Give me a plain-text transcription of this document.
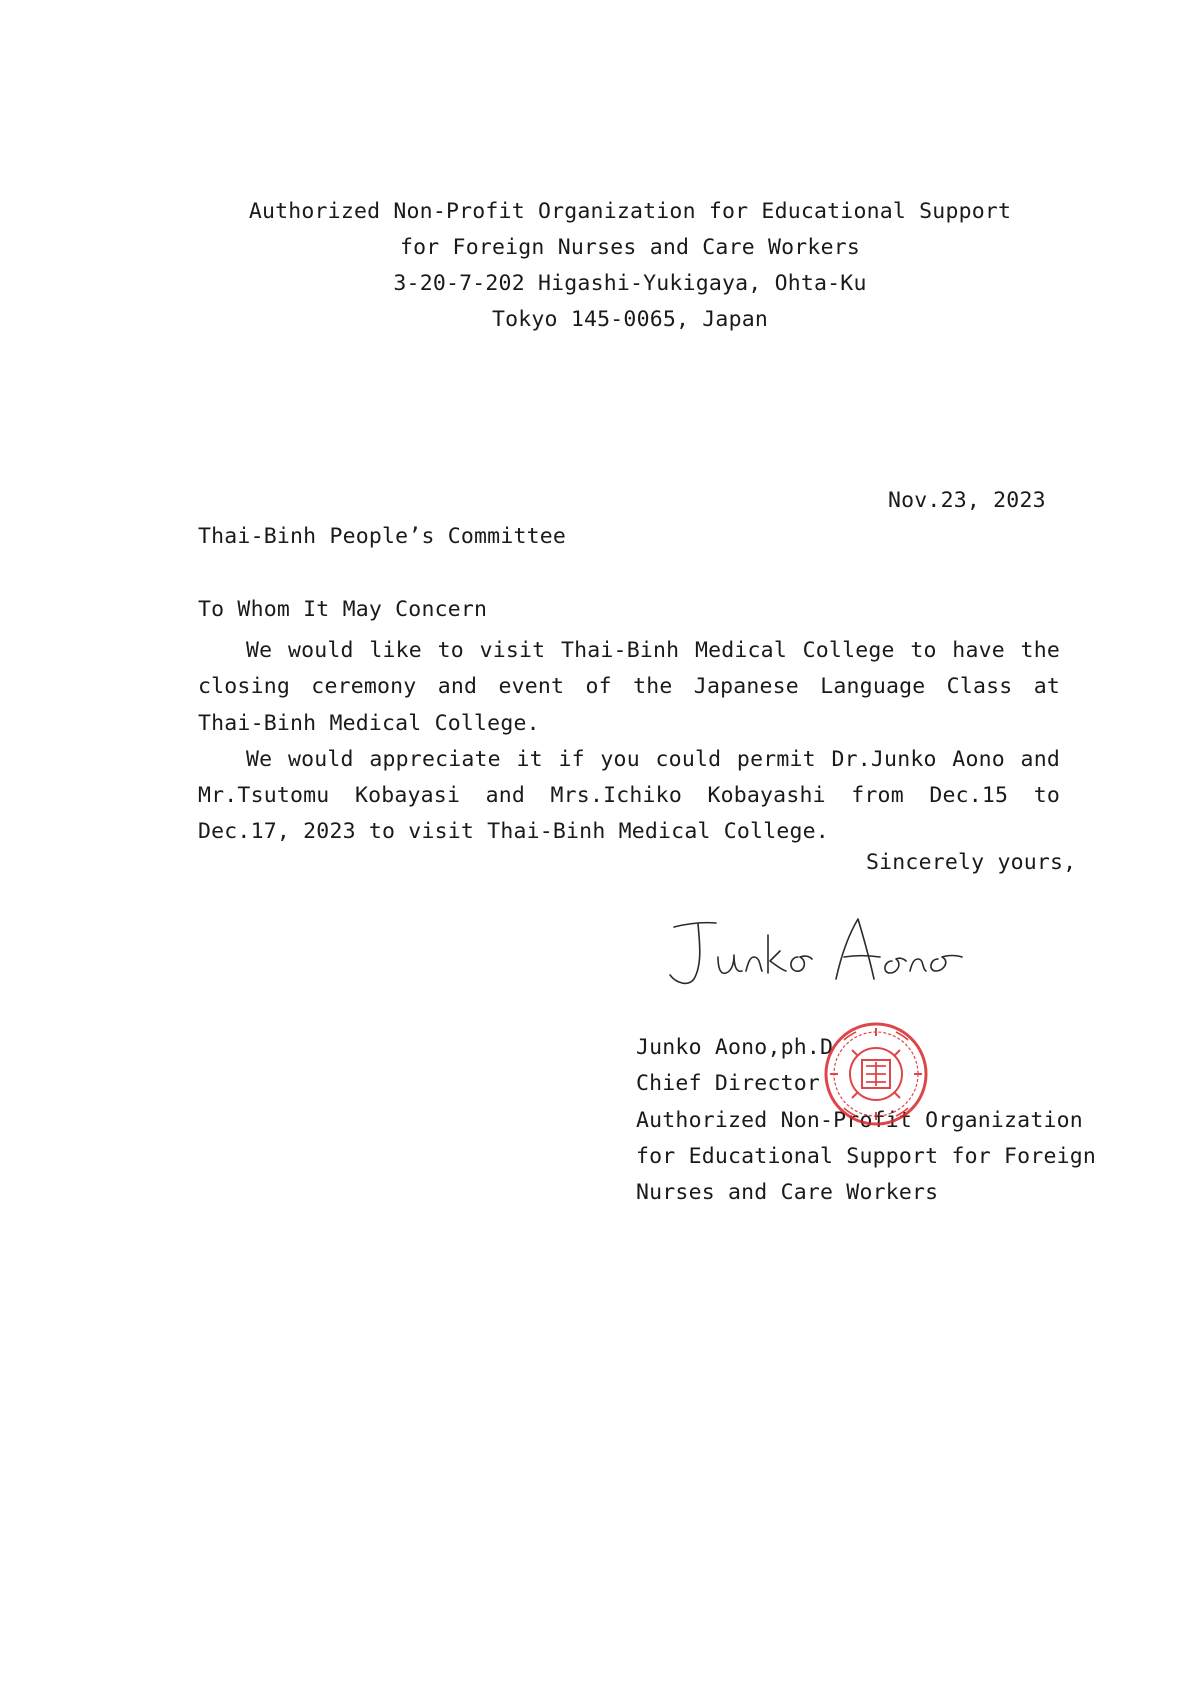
Authorized Non-Profit Organization for Educational Support
for Foreign Nurses and Care Workers
3-20-7-202 Higashi-Yukigaya, Ohta-Ku
Tokyo 145-0065, Japan
Nov.23, 2023
Thai-Binh People’s Committee
To Whom It May Concern

We would like to visit Thai-Binh Medical College to have the closing ceremony and event of the Japanese Language Class at Thai-Binh Medical College.

We would appreciate it if you could permit Dr.Junko Aono and Mr.Tsutomu Kobayasi and Mrs.Ichiko Kobayashi from Dec.15 to Dec.17, 2023 to visit Thai-Binh Medical College.

Sincerely yours,
Junko Aono,ph.D
Chief Director
Authorized Non-Profit Organization
for Educational Support for Foreign
Nurses and Care Workers
